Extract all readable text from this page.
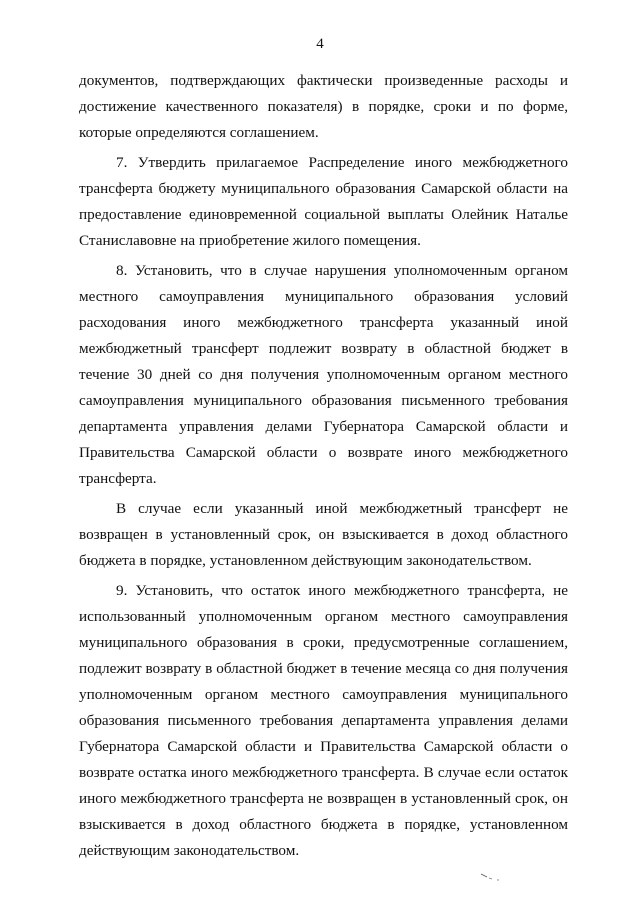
4
документов, подтверждающих фактически произведенные расходы и
достижение качественного показателя) в порядке, сроки и по форме,
которые определяются соглашением.
7. Утвердить прилагаемое Распределение иного межбюджетного
трансферта бюджету муниципального образования Самарской области на
предоставление единовременной социальной выплаты Олейник Наталье
Станиславовне на приобретение жилого помещения.
8. Установить, что в случае нарушения уполномоченным органом
местного самоуправления муниципального образования условий
расходования иного межбюджетного трансферта указанный иной
межбюджетный трансферт подлежит возврату в областной бюджет в
течение 30 дней со дня получения уполномоченным органом местного
самоуправления муниципального образования письменного требования
департамента управления делами Губернатора Самарской области и
Правительства Самарской области о возврате иного межбюджетного
трансферта.
В случае если указанный иной межбюджетный трансферт не
возвращен в установленный срок, он взыскивается в доход областного
бюджета в порядке, установленном действующим законодательством.
9. Установить, что остаток иного межбюджетного трансферта, не
использованный уполномоченным органом местного самоуправления
муниципального образования в сроки, предусмотренные соглашением,
подлежит возврату в областной бюджет в течение месяца со дня получения
уполномоченным органом местного самоуправления муниципального
образования письменного требования департамента управления делами
Губернатора Самарской области и Правительства Самарской области о
возврате остатка иного межбюджетного трансферта. В случае если остаток
иного межбюджетного трансферта не возвращен в установленный срок, он
взыскивается в доход областного бюджета в порядке, установленном
действующим законодательством.
